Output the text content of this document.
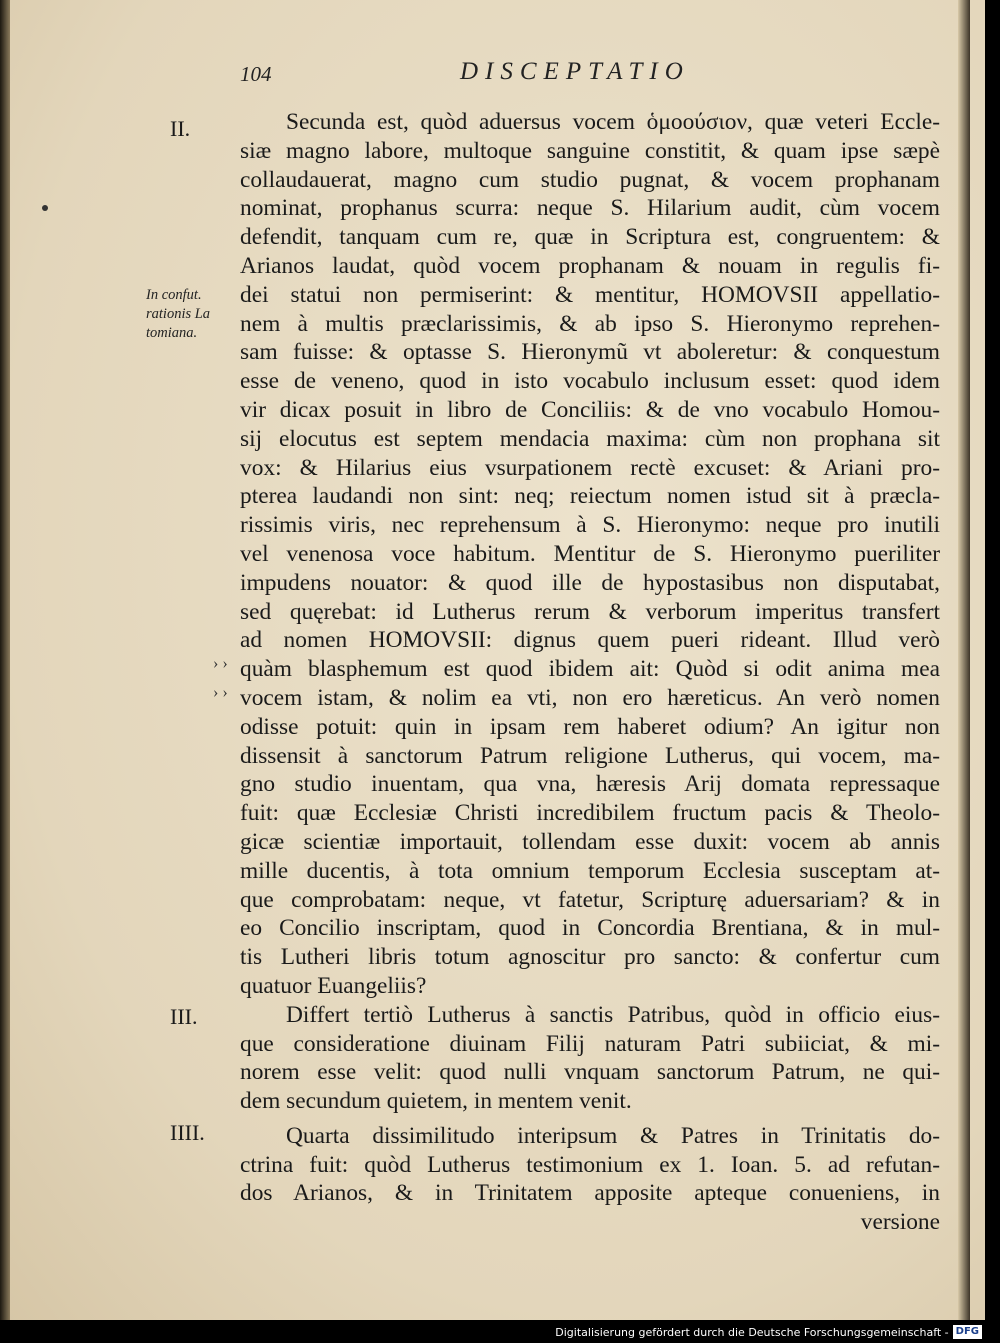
104	DISCEPTATIO
II.
III.
IIII.
In confut.
rationis La
tomiana.
› ›
› ›
Secunda est, quòd aduersus vocem ὁμοούσιον, quæ veteri Eccle-
siæ magno labore, multoque sanguine constitit, & quam ipse sæpè
collaudauerat, magno cum studio pugnat, & vocem prophanam
nominat, prophanus scurra: neque S. Hilarium audit, cùm vocem
defendit, tanquam cum re, quæ in Scriptura est, congruentem: &
Arianos laudat, quòd vocem prophanam & nouam in regulis fi-
dei statui non permiserint: & mentitur, HOMOVSII appellatio-
nem à multis præclarissimis, & ab ipso S. Hieronymo reprehen-
sam fuisse: & optasse S. Hieronymũ vt aboleretur: & conquestum
esse de veneno, quod in isto vocabulo inclusum esset: quod idem
vir dicax posuit in libro de Conciliis: & de vno vocabulo Homou-
sij elocutus est septem mendacia maxima: cùm non prophana sit
vox: & Hilarius eius vsurpationem rectè excuset: & Ariani pro-
pterea laudandi non sint: neq; reiectum nomen istud sit à præcla-
rissimis viris, nec reprehensum à S. Hieronymo: neque pro inutili
vel venenosa voce habitum. Mentitur de S. Hieronymo pueriliter
impudens nouator: & quod ille de hypostasibus non disputabat,
sed quęrebat: id Lutherus rerum & verborum imperitus transfert
ad nomen HOMOVSII: dignus quem pueri rideant. Illud verò
quàm blasphemum est quod ibidem ait: Quòd si odit anima mea
vocem istam, & nolim ea vti, non ero hæreticus. An verò nomen
odisse potuit: quin in ipsam rem haberet odium? An igitur non
dissensit à sanctorum Patrum religione Lutherus, qui vocem, ma-
gno studio inuentam, qua vna, hæresis Arij domata repressaque
fuit: quæ Ecclesiæ Christi incredibilem fructum pacis & Theolo-
gicæ scientiæ importauit, tollendam esse duxit: vocem ab annis
mille ducentis, à tota omnium temporum Ecclesia susceptam at-
que comprobatam: neque, vt fatetur, Scripturę aduersariam? & in
eo Concilio inscriptam, quod in Concordia Brentiana, & in mul-
tis Lutheri libris totum agnoscitur pro sancto: & confertur cum
quatuor Euangeliis?
Differt tertiò Lutherus à sanctis Patribus, quòd in officio eius-
que consideratione diuinam Filij naturam Patri subiiciat, & mi-
norem esse velit: quod nulli vnquam sanctorum Patrum, ne qui-
dem secundum quietem, in mentem venit.
Quarta dissimilitudo interipsum & Patres in Trinitatis do-
ctrina fuit: quòd Lutherus testimonium ex 1. Ioan. 5. ad refutan-
dos Arianos, & in Trinitatem apposite apteque conueniens, in
versione
Digitalisierung gefördert durch die Deutsche Forschungsgemeinschaft - DFG
